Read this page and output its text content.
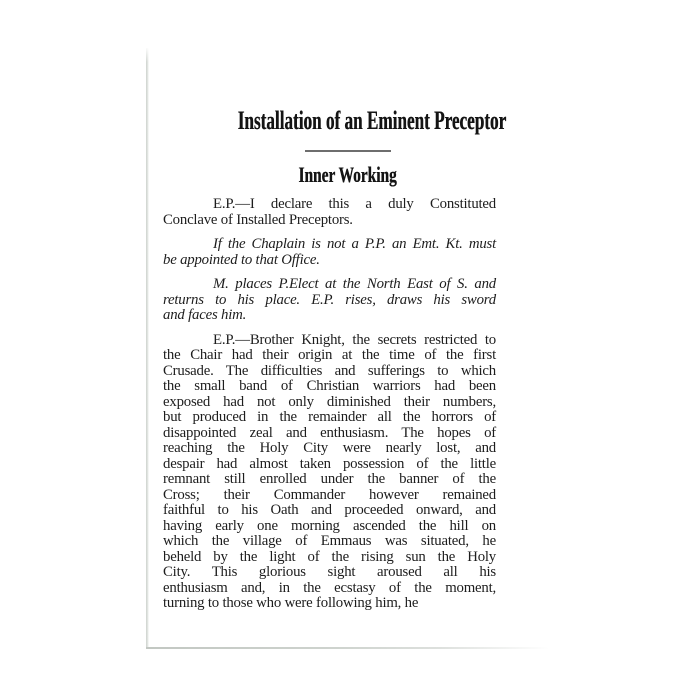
Installation of an Eminent Preceptor
Inner Working

E.P.—I declare this a duly Constituted
Conclave of Installed Preceptors.

If the Chaplain is not a P.P. an Emt. Kt. must
be appointed to that Office.

M. places P.Elect at the North East of S. and
returns to his place. E.P. rises, draws his sword
and faces him.

E.P.—Brother Knight, the secrets restricted to
the Chair had their origin at the time of the first
Crusade. The difficulties and sufferings to which
the small band of Christian warriors had been
exposed had not only diminished their numbers,
but produced in the remainder all the horrors of
disappointed zeal and enthusiasm. The hopes of
reaching the Holy City were nearly lost, and
despair had almost taken possession of the little
remnant still enrolled under the banner of the
Cross; their Commander however remained
faithful to his Oath and proceeded onward, and
having early one morning ascended the hill on
which the village of Emmaus was situated, he
beheld by the light of the rising sun the Holy
City. This glorious sight aroused all his
enthusiasm and, in the ecstasy of the moment,
turning to those who were following him, he
